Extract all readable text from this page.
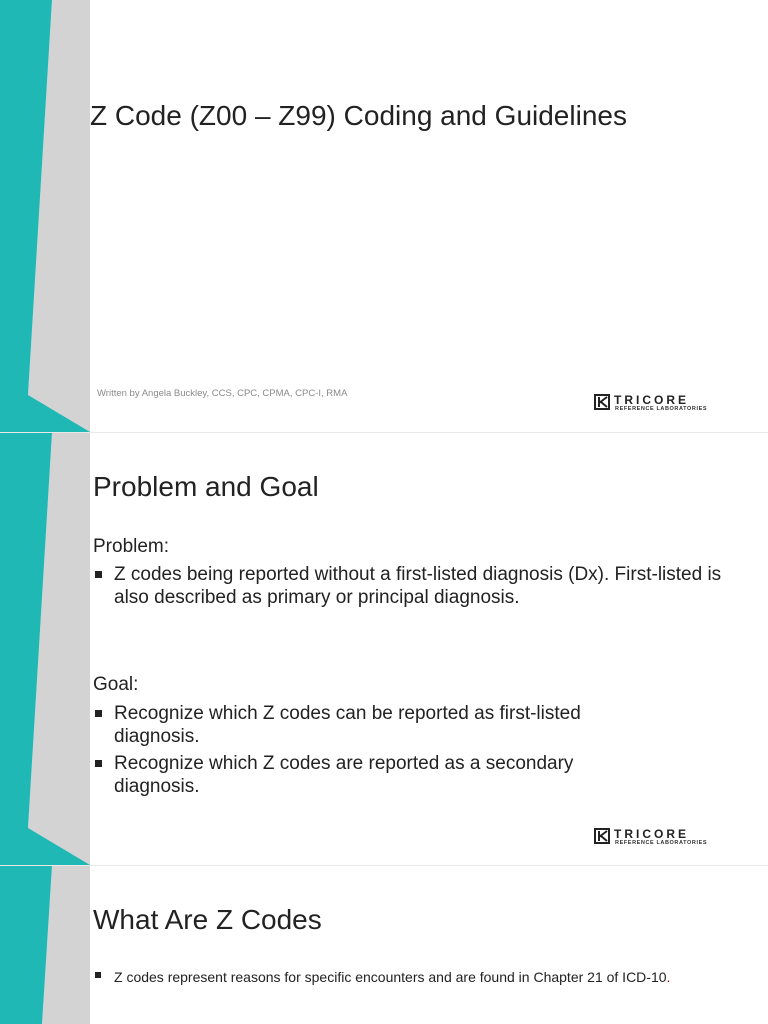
Z Code (Z00 – Z99) Coding and Guidelines
Written by Angela Buckley, CCS, CPC, CPMA, CPC-I, RMA	TRICORE
REFERENCE LABORATORIES
Problem and Goal
Problem:
Z codes being reported without a first-listed diagnosis (Dx). First-listed is also described as primary or principal diagnosis.
Goal:
Recognize which Z codes can be reported as first-listed diagnosis.
Recognize which Z codes are reported as a secondary diagnosis.
TRICORE
REFERENCE LABORATORIES
What Are Z Codes
Z codes represent reasons for specific encounters and are found in Chapter 21 of ICD-10.
